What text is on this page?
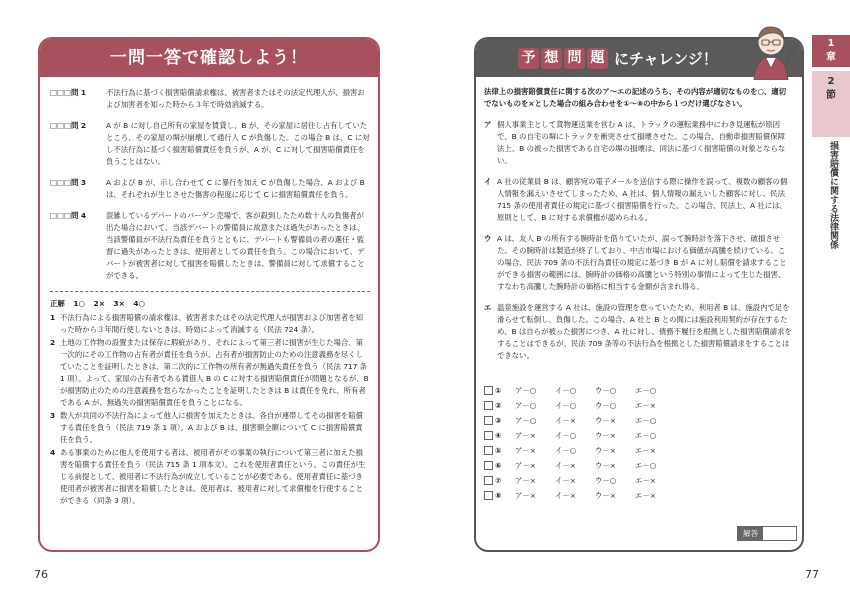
一問一答で確認しよう！
□□□問 1	不法行為に基づく損害賠償請求権は、被害者またはその法定代理人が、損害および加害者を知った時から３年で時効消滅する。
□□□問 2	A が B に対し自己所有の家屋を賃貸し、B が、その家屋に居住し占有していたところ、その家屋の塀が崩壊して通行人 C が負傷した。この場合 B は、C に対し不法行為に基づく損害賠償責任を負うが、A が、C に対して損害賠償責任を負うことはない。
□□□問 3	A および B が、示し合わせて C に暴行を加え C が負傷した場合、A および B は、それぞれが生じさせた傷害の程度に応じて C に損害賠償責任を負う。
□□□問 4	混雑しているデパートのバーゲン売場で、客が殺到したため数十人の負傷者が出た場合において、当該デパートの警備員に故意または過失があったときは、当該警備員が不法行為責任を負うとともに、デパートも警備員の者の選任・監督に過失があったときは、使用者としての責任を負う。この場合において、デパートが被害者に対して損害を賠償したときは、警備員に対して求償することができる。
正解 1○ 2× 3× 4○
1 不法行為による損害賠償の請求権は、被害者またはその法定代理人が損害および加害者を知った時から３年間行使しないときは、時効によって消滅する（民法 724 条）。
2 土地の工作物の設置または保存に瑕疵があり、それによって第三者に損害が生じた場合、第一次的にその工作物の占有者が責任を負うが、占有者が損害防止のための注意義務を尽くしていたことを証明したときは、第二次的に工作物の所有者が無過失責任を負う（民法 717 条 1 項）。よって、家屋の占有者である賃借人 B の C に対する損害賠償責任が問題となるが、B が損害防止のための注意義務を怠らなかったことを証明したときは B は責任を免れ、所有者である A が、無過失の損害賠償責任を負うことになる。
3 数人が共同の不法行為によって他人に損害を加えたときは、各自が連帯してその損害を賠償する責任を負う（民法 719 条 1 項）。A および B は、損害額全額について C に損害賠償責任を負う。
4 ある事業のために他人を使用する者は、被用者がその事業の執行について第三者に加えた損害を賠償する責任を負う（民法 715 条 1 項本文）。これを使用者責任という。この責任が生じる前提として、被用者に不法行為が成立していることが必要である。使用者責任に基づき使用者が被害者に損害を賠償したときは、使用者は、被用者に対して求償権を行使することができる（同条 3 項）。
76
予 想 問 題 にチャレンジ！
法律上の損害賠償責任に関する次のア～エの記述のうち、その内容が適切なものを○、適切でないものを×とした場合の組み合わせを①～⑧の中から１つだけ選びなさい。
ア 個人事業主として貨物運送業を営む A は、トラックの運転業務中にわき見運転が原因で、B の自宅の塀にトラックを衝突させて損壊させた。この場合、自動車損害賠償保障法上、B の被った損害である自宅の塀の損壊は、同法に基づく損害賠償の対象とならない。
イ A 社の従業員 B は、顧客宛の電子メールを送信する際に操作を誤って、複数の顧客の個人情報を漏えいさせてしまったため、A 社は、個人情報の漏えいした顧客に対し、民法 715 条の使用者責任の規定に基づく損害賠償を行った。この場合、民法上、A 社には、原則として、B に対する求償権が認められる。
ウ A は、友人 B の所有する腕時計を借りていたが、誤って腕時計を落下させ、破損させた。その腕時計は製造が終了しており、中古市場における価値が高騰を続けている。この場合、民法 709 条の不法行為責任の規定に基づき B が A に対し賠償を請求することができる損害の範囲には、腕時計の価格の高騰という特別の事情によって生じた損害、すなわち高騰した腕時計の価格に相当する金額が含まれ得る。
エ 温泉施設を運営する A 社は、施設の管理を怠っていたため、利用者 B は、施設内で足を滑らせて転倒し、負傷した。この場合、A 社と B との間には施設利用契約が存在するため、B は自らが被った損害につき、A 社に対し、債務不履行を根拠とした損害賠償請求をすることはできるが、民法 709 条等の不法行為を根拠とした損害賠償請求をすることはできない。
①	ア－○	イ－○	ウ－○	エ－○
②	ア－○	イ－○	ウ－○	エ－×
③	ア－○	イ－×	ウ－×	エ－○
④	ア－×	イ－○	ウ－×	エ－○
⑤	ア－×	イ－○	ウ－×	エ－×
⑥	ア－×	イ－×	ウ－×	エ－○
⑦	ア－×	イ－×	ウ－○	エ－×
⑧	ア－×	イ－×	ウ－×	エ－×
解答
77
1
章
2
節
損害賠償に関する法律関係
